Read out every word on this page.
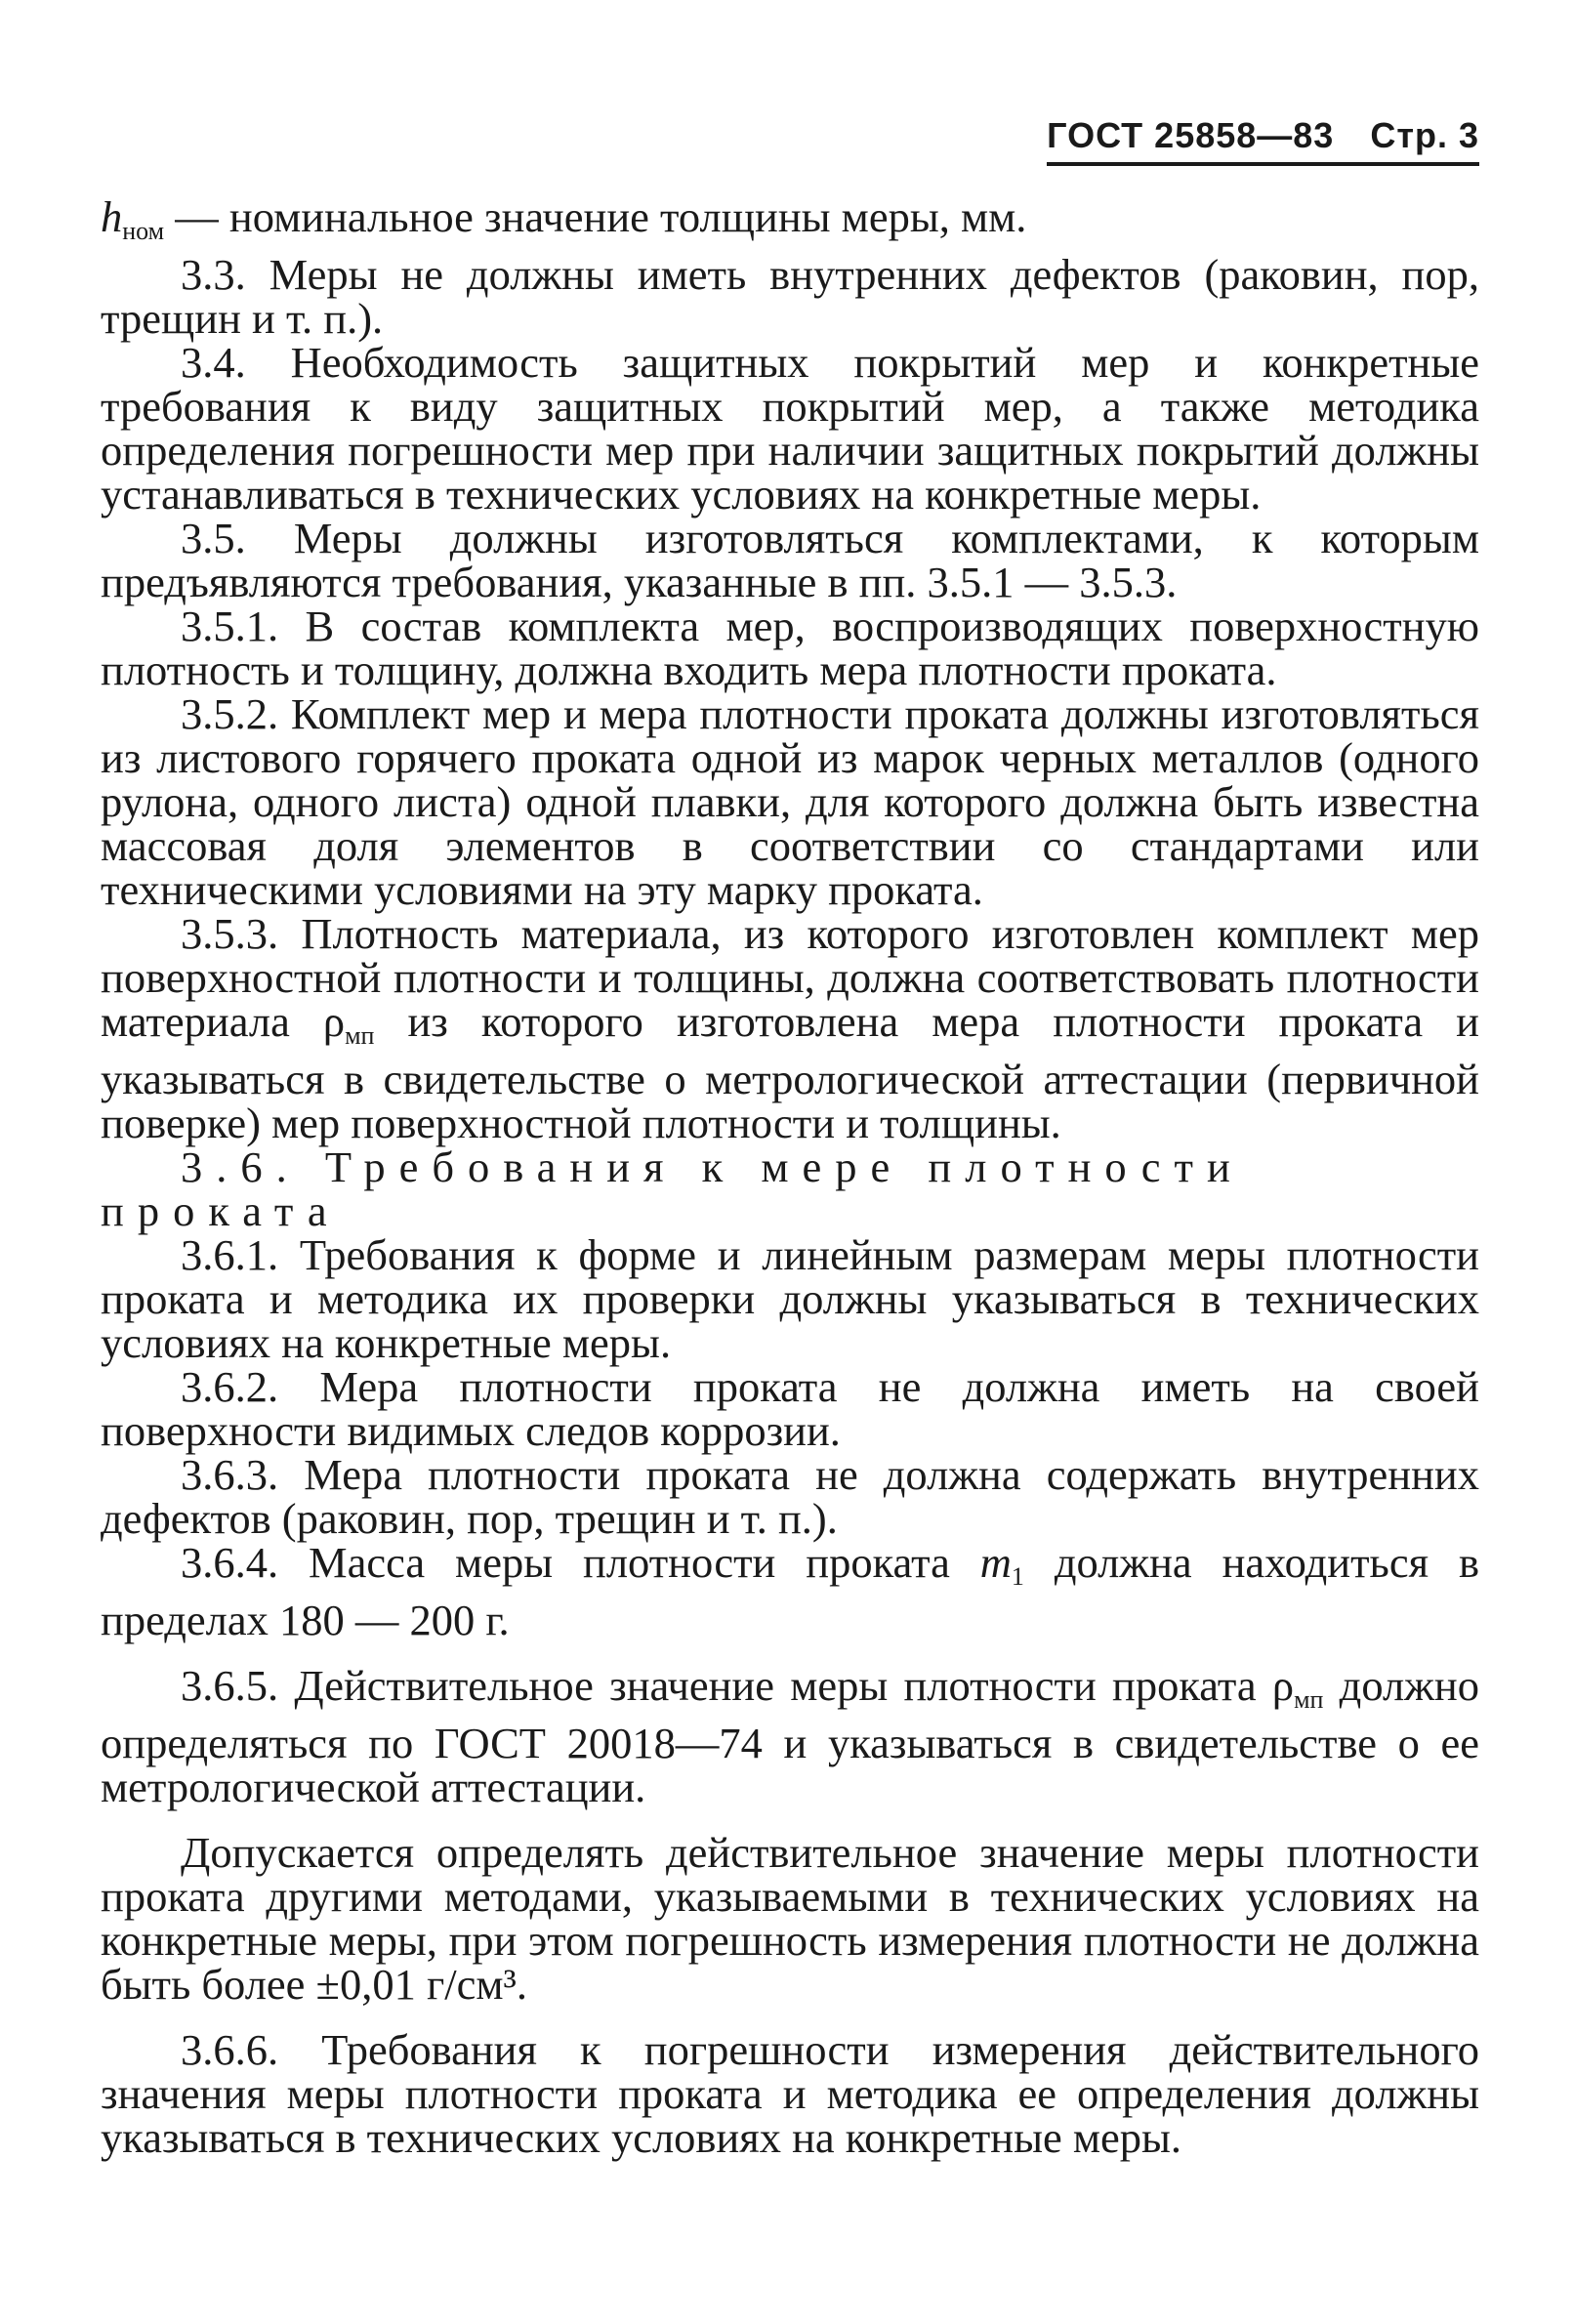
ГОСТ 25858—83 Стр. 3

$h_{ном}$ — номинальное значение толщины меры, мм.

3.3. Меры не должны иметь внутренних дефектов (раковин, пор, трещин и т. п.).

3.4. Необходимость защитных покрытий мер и конкретные требования к виду защитных покрытий мер, а также методика определения погрешности мер при наличии защитных покрытий должны устанавливаться в технических условиях на конкретные меры.

3.5. Меры должны изготовляться комплектами, к которым предъявляются требования, указанные в пп. 3.5.1 — 3.5.3.

3.5.1. В состав комплекта мер, воспроизводящих поверхностную плотность и толщину, должна входить мера плотности проката.

3.5.2. Комплект мер и мера плотности проката должны изготовляться из листового горячего проката одной из марок черных металлов (одного рулона, одного листа) одной плавки, для которого должна быть известна массовая доля элементов в соответствии со стандартами или техническими условиями на эту марку проката.

3.5.3. Плотность материала, из которого изготовлен комплект мер поверхностной плотности и толщины, должна соответствовать плотности материала $\rho_{мп}$ из которого изготовлена мера плотности проката и указываться в свидетельстве о метрологической аттестации (первичной поверке) мер поверхностной плотности и толщины.

3.6. Требования к мере плотности проката

3.6.1. Требования к форме и линейным размерам меры плотности проката и методика их проверки должны указываться в технических условиях на конкретные меры.

3.6.2. Мера плотности проката не должна иметь на своей поверхности видимых следов коррозии.

3.6.3. Мера плотности проката не должна содержать внутренних дефектов (раковин, пор, трещин и т. п.).

3.6.4. Масса меры плотности проката $m_1$ должна находиться в пределах 180 — 200 г.

3.6.5. Действительное значение меры плотности проката $\rho_{мп}$ должно определяться по ГОСТ 20018—74 и указываться в свидетельстве о ее метрологической аттестации.

Допускается определять действительное значение меры плотности проката другими методами, указываемыми в технических условиях на конкретные меры, при этом погрешность измерения плотности не должна быть более ±0,01 г/см³.

3.6.6. Требования к погрешности измерения действительного значения меры плотности проката и методика ее определения должны указываться в технических условиях на конкретные меры.
